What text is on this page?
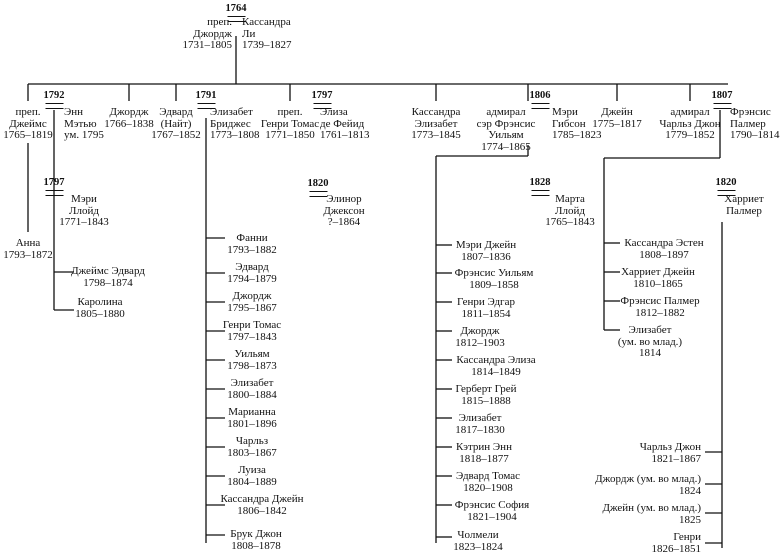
1764
преп.
Джордж
1731–1805
Кассандра
Ли
1739–1827
1792
преп.
Джеймс
1765–1819
Энн
Мэтью
ум. 1795
Джордж
1766–1838
Эдвард
(Найт)
1767–1852
1791
Элизабет
Бриджес
1773–1808
преп.
Генри Томас
1771–1850
1797
Элиза
де Фейид
1761–1813
Кассандра
Элизабет
1773–1845
адмирал
сэр Фрэнсис
Уильям
1774–1865
1806
Мэри
Гибсон
1785–1823
Джейн
1775–1817
адмирал
Чарльз Джон
1779–1852
1807
Фрэнсис
Палмер
1790–1814
1797
Мэри
Ллойд
1771–1843
Анна
1793–1872
Джеймс Эдвард
1798–1874
Каролина
1805–1880
1820
Элинор
Джексон
?–1864
Фанни
1793–1882
Эдвард
1794–1879
Джордж
1795–1867
Генри Томас
1797–1843
Уильям
1798–1873
Элизабет
1800–1884
Марианна
1801–1896
Чарльз
1803–1867
Луиза
1804–1889
Кассандра Джейн
1806–1842
Брук Джон
1808–1878
1828
Марта
Ллойд
1765–1843
Мэри Джейн
1807–1836
Фрэнсис Уильям
1809–1858
Генри Эдгар
1811–1854
Джордж
1812–1903
Кассандра Элиза
1814–1849
Герберт Грей
1815–1888
Элизабет
1817–1830
Кэтрин Энн
1818–1877
Эдвард Томас
1820–1908
Фрэнсис София
1821–1904
Чолмели
1823–1824
Кассандра Эстен
1808–1897
Харриет Джейн
1810–1865
Фрэнсис Палмер
1812–1882
Элизабет
(ум. во млад.)
1814
1820
Харриет
Палмер
Чарльз Джон
1821–1867
Джордж (ум. во млад.)
1824
Джейн (ум. во млад.)
1825
Генри
1826–1851
